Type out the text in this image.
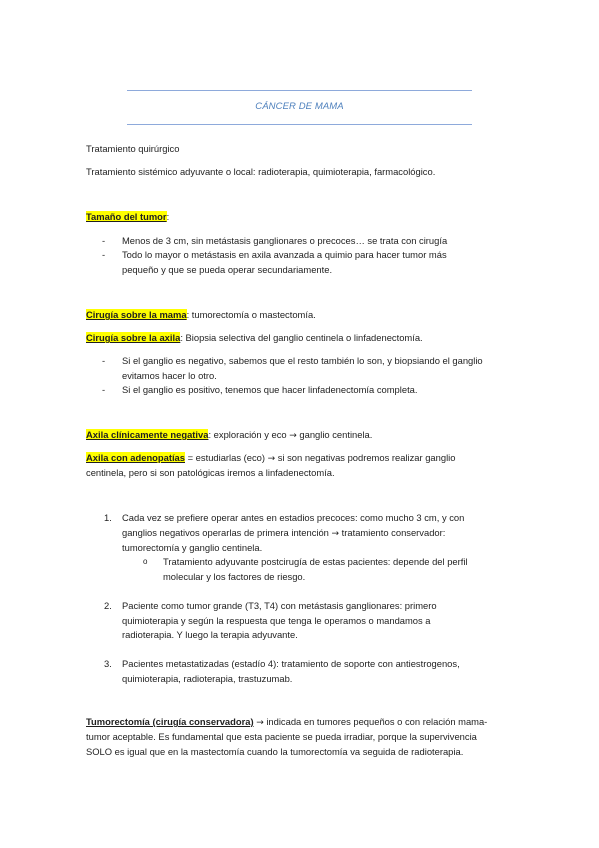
CÁNCER DE MAMA
Tratamiento quirúrgico
Tratamiento sistémico adyuvante o local: radioterapia, quimioterapia, farmacológico.
Tamaño del tumor:
- Menos de 3 cm, sin metástasis ganglionares o precoces… se trata con cirugía
- Todo lo mayor o metástasis en axila avanzada a quimio para hacer tumor más
pequeño y que se pueda operar secundariamente.
Cirugía sobre la mama: tumorectomía o mastectomía.
Cirugía sobre la axila: Biopsia selectiva del ganglio centinela o linfadenectomía.
- Si el ganglio es negativo, sabemos que el resto también lo son, y biopsiando el ganglio
evitamos hacer lo otro.
- Si el ganglio es positivo, tenemos que hacer linfadenectomía completa.
Axila clínicamente negativa: exploración y eco → ganglio centinela.
Axila con adenopatías = estudiarlas (eco) → si son negativas podremos realizar ganglio
centinela, pero si son patológicas iremos a linfadenectomía.
1. Cada vez se prefiere operar antes en estadios precoces: como mucho 3 cm, y con
ganglios negativos operarlas de primera intención → tratamiento conservador:
tumorectomía y ganglio centinela.
o Tratamiento adyuvante postcirugía de estas pacientes: depende del perfil
molecular y los factores de riesgo.
2. Paciente como tumor grande (T3, T4) con metástasis ganglionares: primero
quimioterapia y según la respuesta que tenga le operamos o mandamos a
radioterapia. Y luego la terapia adyuvante.
3. Pacientes metastatizadas (estadío 4): tratamiento de soporte con antiestrogenos,
quimioterapia, radioterapia, trastuzumab.
Tumorectomía (cirugía conservadora) → indicada en tumores pequeños o con relación mama-
tumor aceptable. Es fundamental que esta paciente se pueda irradiar, porque la supervivencia
SOLO es igual que en la mastectomía cuando la tumorectomía va seguida de radioterapia.
